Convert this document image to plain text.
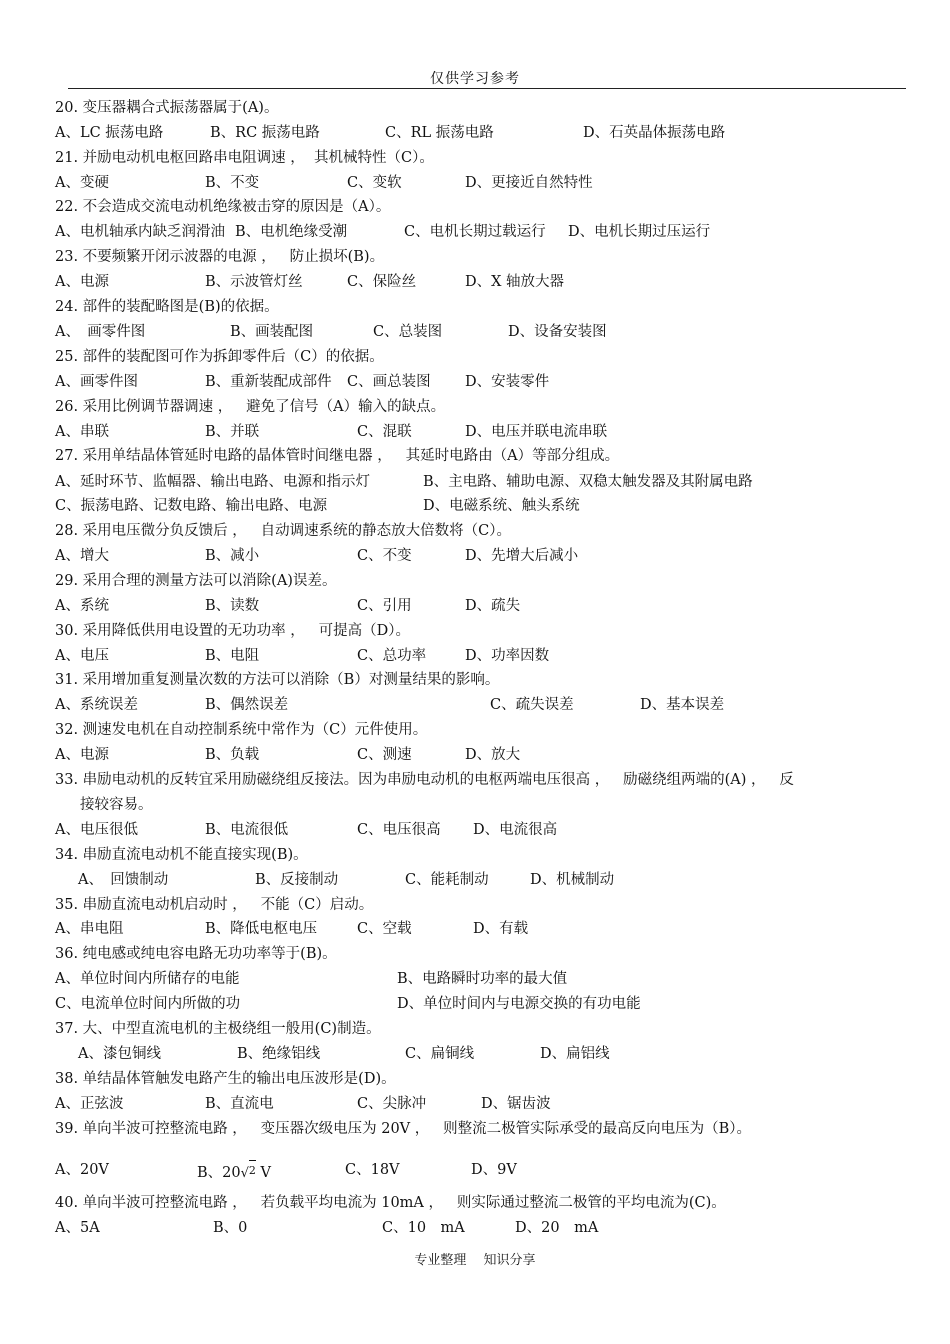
仅供学习参考
20. 变压器耦合式振荡器属于(A)。
A、LC 振荡电路	B、RC 振荡电路	C、RL 振荡电路	D、石英晶体振荡电路
21. 并励电动机电枢回路串电阻调速 ，  其机械特性（C）。
A、变硬	B、不变	C、变软	D、更接近自然特性
22. 不会造成交流电动机绝缘被击穿的原因是（A）。
A、电机轴承内缺乏润滑油 B、电机绝缘受潮	C、电机长期过载运行 D、电机长期过压运行
23. 不要频繁开闭示波器的电源 ，   防止损坏(B)。
A、电源	B、示波管灯丝	C、保险丝	D、X 轴放大器
24. 部件的装配略图是(B)的依据。
A、　画零件图	B、画装配图	C、总装图	D、设备安装图
25. 部件的装配图可作为拆卸零件后（C）的依据。
A、画零件图	B、重新装配成部件 C、画总装图 D、安装零件
26. 采用比例调节器调速 ，   避免了信号（A）输入的缺点。
A、串联	B、并联	C、混联	D、电压并联电流串联
27. 采用单结晶体管延时电路的晶体管时间继电器 ，   其延时电路由（A）等部分组成。
A、延时环节、监幅器、输出电路、电源和指示灯	B、主电路、辅助电源、双稳太触发器及其附属电路
C、振荡电路、记数电路、输出电路、电源	D、电磁系统、触头系统
28. 采用电压微分负反馈后 ，   自动调速系统的静态放大倍数将（C）。
A、增大	B、减小	C、不变	D、先增大后减小
29. 采用合理的测量方法可以消除(A)误差。
A、系统	B、读数	C、引用	D、疏失
30. 采用降低供用电设置的无功功率 ，   可提高（D）。
A、电压	B、电阻	C、总功率	D、功率因数
31. 采用增加重复测量次数的方法可以消除（B）对测量结果的影响。
A、系统误差	B、偶然误差	C、疏失误差	D、基本误差
32. 测速发电机在自动控制系统中常作为（C）元件使用。
A、电源	B、负载	C、测速	D、放大
33. 串励电动机的反转宜采用励磁绕组反接法。因为串励电动机的电枢两端电压很高 ，   励磁绕组两端的(A) ，   反
接较容易。
A、电压很低	B、电流很低	C、电压很高 D、电流很高
34. 串励直流电动机不能直接实现(B)。
A、　回馈制动	B、反接制动	C、能耗制动	D、机械制动
35. 串励直流电动机启动时 ，   不能（C）启动。
A、串电阻	B、降低电枢电压	C、空载	D、有载
36. 纯电感或纯电容电路无功功率等于(B)。
A、单位时间内所储存的电能	B、电路瞬时功率的最大值
C、电流单位时间内所做的功	D、单位时间内与电源交换的有功电能
37. 大、中型直流电机的主极绕组一般用(C)制造。
A、漆包铜线	B、绝缘铝线	C、扁铜线	D、扁铝线
38. 单结晶体管触发电路产生的输出电压波形是(D)。
A、正弦波	B、直流电	C、尖脉冲	D、锯齿波
39. 单向半波可控整流电路 ，   变压器次级电压为 20V ，   则整流二极管实际承受的最高反向电压为（B）。
A、20V	B、20√2 V	C、18V	D、9V
40. 单向半波可控整流电路 ，   若负载平均电流为 10mA ，   则实际通过整流二极管的平均电流为(C)。
A、5A	B、0	C、10　mA	D、20　mA
专业整理　 知识分享
